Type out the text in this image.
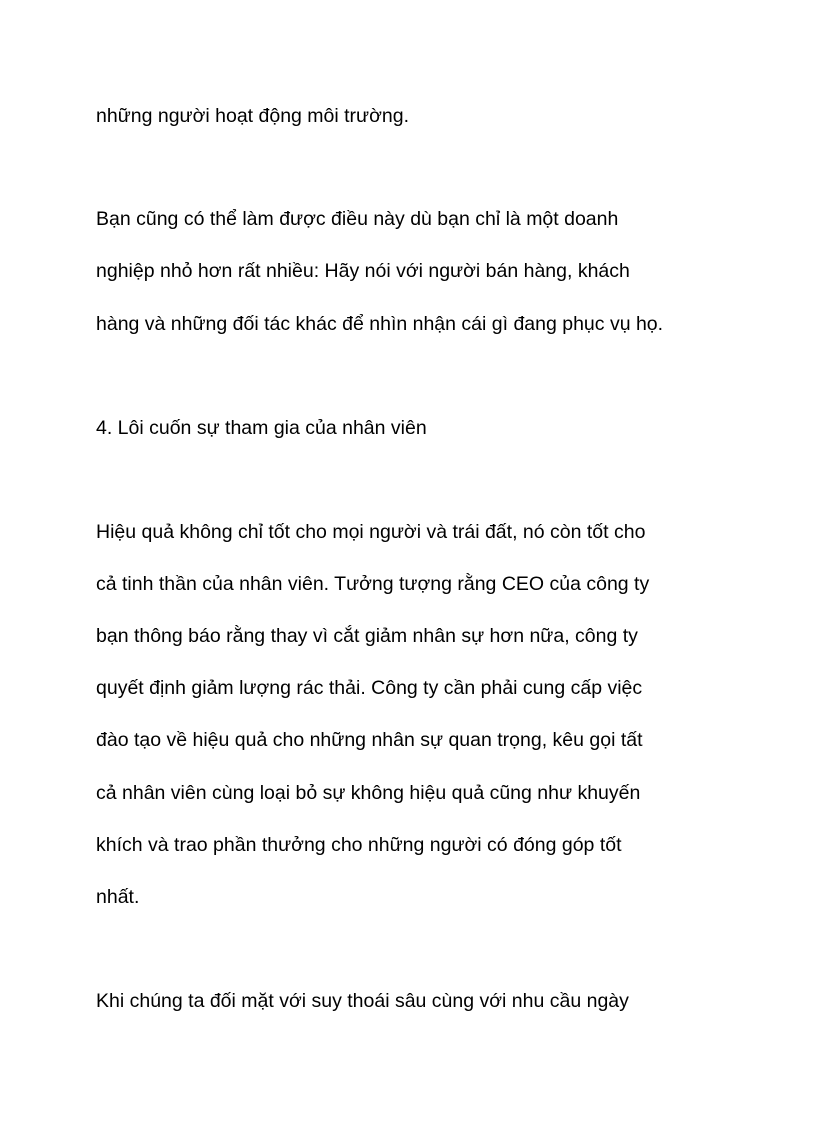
những người hoạt động môi trường.

Bạn cũng có thể làm được điều này dù bạn chỉ là một doanh

nghiệp nhỏ hơn rất nhiều: Hãy nói với người bán hàng, khách

hàng và những đối tác khác để nhìn nhận cái gì đang phục vụ họ.

4. Lôi cuốn sự tham gia của nhân viên

Hiệu quả không chỉ tốt cho mọi người và trái đất, nó còn tốt cho

cả tinh thần của nhân viên. Tưởng tượng rằng CEO của công ty

bạn thông báo rằng thay vì cắt giảm nhân sự hơn nữa, công ty

quyết định giảm lượng rác thải. Công ty cần phải cung cấp việc

đào tạo về hiệu quả cho những nhân sự quan trọng, kêu gọi tất

cả nhân viên cùng loại bỏ sự không hiệu quả cũng như khuyến

khích và trao phần thưởng cho những người có đóng góp tốt

nhất.

Khi chúng ta đối mặt với suy thoái sâu cùng với nhu cầu ngày
